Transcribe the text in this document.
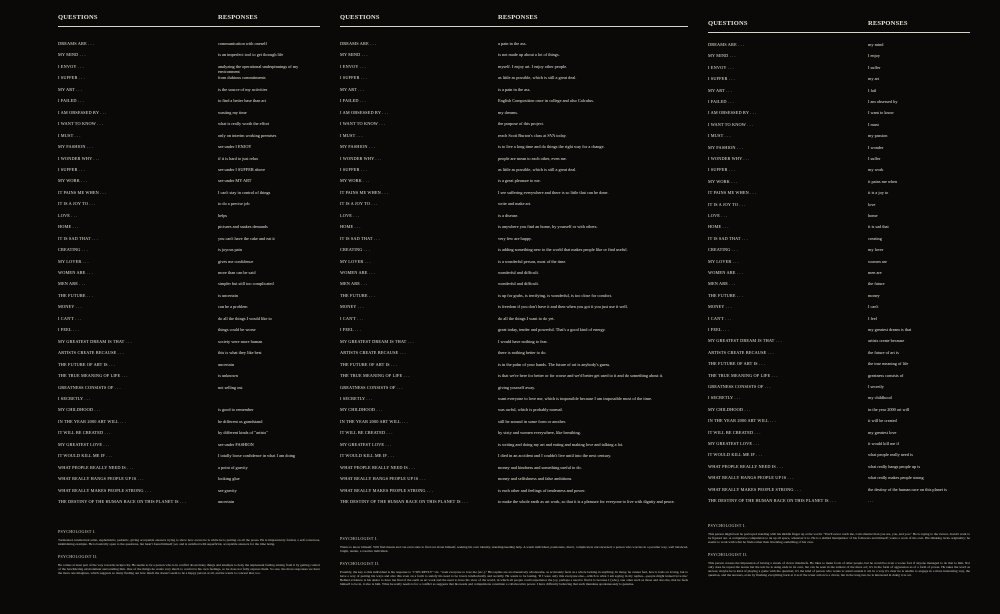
QUESTIONS	RESPONSES
DREAMS ARE . . .	communication with oneself
MY MIND . . .	is an imperfect tool to get through life
I ENVOY . . .	analyzing the operational underpinnings of my environment
I SUFFER . . .	from dubious commitments
MY ART . . .	is the source of my activities
I FAILED . . .	to find a better base than art
I AM OBSESSED BY . . .	wasting my time
I WANT TO KNOW . . .	what is really worth the effort
I MUST . . .	only on interim working premises
MY FASHION . . .	see under I ENJOY
I WONDER WHY . . .	if it is hard to just relax
I SUFFER . . .	see under I SUFFER above
MY WORK . . .	see under MY ART
IT PAINS ME WHEN . . .	I can't stay in control of things
IT IS A JOY TO . . .	to do a precise job
LOVE . . .	helps
HOME . . .	pictures and snakes demands
IT IS SAD THAT . . .	you can't have the cake and eat it
CREATING . . .	is joyous pain
MY LOVER . . .	gives me confidence
WOMEN ARE . . .	more than can be said
MEN ARE . . .	simpler but still too complicated
THE FUTURE . . .	is uncertain
MONEY . . .	can be a problem
I CAN'T . . .	do all the things I would like to
I FEEL . . .	things could be worse
MY GREATEST DREAM IS THAT . . .	society were more human
ARTISTS CREATE BECAUSE . . .	this is what they like best
THE FUTURE OF ART IS . . .	uncertain
THE TRUE MEANING OF LIFE . . .	is unknown
GREATNESS CONSISTS OF . . .	not selling out
I SECRETLY . . .
MY CHILDHOOD . . .	is good to remember
IN THE YEAR 2000 ART WILL . . .	be different as grandstand
IT WILL BE CREATED . . .	by different kinds of "artists"
MY GREATEST LOVE . . .	see under FASHION
IT WOULD KILL ME IF . . .	I totally loose confidence in what I am doing
WHAT PEOPLE REALLY NEED IS . . .	a point of gravity
WHAT REALLY HANGS PEOPLE UP IS . . .	looking glue
WHAT REALLY MAKES PEOPLE STRONG . . .	see gravity
THE DESTINY OF THE HUMAN RACE ON THIS PLANET IS . . .	uncertain
PSYCHOLOGIST I.
Tormented, intellectual artist, euphemistic, pedantic, giving acceptable answers trying to show how aware he is while he is putting on all the poses. He is impressively formal, a self-conscious, intimidating example. He is basically open to the questions, but hasn't found himself yet, and is satisfied with superficial, acceptable answers for the time being.
PSYCHOLOGIST II.
He comes at least part of the way towards reciprocity. He seems to be a person who is in conflict about many things and attempts to deny the unpleasant feeling arising from it by getting control of the bewildering environment surrounding him. One of the things he wants very much to control is his own feelings, so he does not fully express them. So one, the more responses we have the more one imagines, which suggests so many finding out how much the doesn't seem to be a happy person at all, and he wants to conceal that, too.
QUESTIONS	RESPONSES
DREAMS ARE . . .	a pain in the ass.
MY MIND . . .	is not made up about a lot of things.
I ENVOY . . .	myself. I enjoy art. I enjoy other people.
I SUFFER . . .	as little as possible, which is still a great deal.
MY ART . . .	is a pain in the ass.
I FAILED . . .	English Composition once in college and also Calculus.
I AM OBSESSED BY . . .	my dreams.
I WANT TO KNOW . . .	the purpose of this project.
I MUST . . .	reach Scott Burton's class at SVA today.
MY FASHION . . .	is to live a long time and do things the right way for a change.
I WONDER WHY . . .	people are mean to each other, even me.
I SUFFER . . .	as little as possible, which is still a great deal.
MY WORK . . .	is a great pleasure to me.
IT PAINS ME WHEN . . .	I see suffering everywhere and there is so little that can be done.
IT IS A JOY TO . . .	write and make art.
LOVE . . .	is a disease.
HOME . . .	is anywhere you find an home, by yourself or with others.
IT IS SAD THAT . . .	very few are happy.
CREATING . . .	is adding something new to the world that makes people like or find useful.
MY LOVER . . .	is a wonderful person, most of the time.
WOMEN ARE . . .	wonderful and difficult.
MEN ARE . . .	wonderful and difficult.
THE FUTURE . . .	is up for grabs, is terrifying, is wonderful, is too close for comfort.
MONEY . . .	is freedom if you don't have it and then when you got it you just use it well.
I CAN'T . . .	do all the things I want to do yet.
I FEEL . . .	great today, tender and powerful. That's a good kind of energy.
MY GREATEST DREAM IS THAT . . .	I would have nothing to fear.
ARTISTS CREATE BECAUSE . . .	there is nothing better to do.
THE FUTURE OF ART IS . . .	is in the palm of your hands. The future of art is anybody's guess.
THE TRUE MEANING OF LIFE . . .	is that we're here for better or for worse and we'd better get used to it and do something about it.
GREATNESS CONSISTS OF . . .	giving yourself away.
I SECRETLY . . .	want everyone to love me, which is impossible because I am impossible most of the time.
MY CHILDHOOD . . .	was awful, which is probably normal.
IN THE YEAR 2000 ART WILL . . .	still be around in some form or another.
IT WILL BE CREATED . . .	by sixty and women everywhere, like breathing.
MY GREATEST LOVE . . .	is writing and doing my art and eating and making love and talking a lot.
IT WOULD KILL ME IF . . .	I died in an accident and I couldn't live until into the next century.
WHAT PEOPLE REALLY NEED IS . . .	money and kindness and something useful to do.
WHAT REALLY HANGS PEOPLE UP IS . . .	money and selfishness and false ambitions.
WHAT REALLY MAKES PEOPLE STRONG . . .	is each other and feelings of tenderness and power.
THE DESTINY OF THE HUMAN RACE ON THIS PLANET IS . . .	to make the whole earth as art work, so that it is a pleasure for everyone to live with dignity and peace.
PSYCHOLOGIST I.
Wants to know himself. Will find means and can even state to find out about himself, seeking his own identity, standing/needing help. A warm individual, passionate, direct, complicated, unconcerned; a person who worries in a peculiar way, well balanced, bright, tender, a creative individual.
PSYCHOLOGIST II.
Possibly, the key to this individual is his response to "I SECRETLY" viz. "want everyone to love me (etc.)." His replies are an obsessively wholesome, as accurately feels as a whole lacking in anything. In many, he cannot feel, how it feels on loving, but to have a way of putting his ways and also this even on a form to satisfy his need to be loved, intellectually and socially. He wants to be lasting. 'If I were only this everyone else—which is what I am saying in my replies—people might indeed love me.' Behind evidence is his desire to have me find of the earth as art work and the need to have his view of the world, in which all people could experience the joy, perhaps a need to find it is because I (who), one other such as those and also the, that he feels himself to be in, it also is him. What he really needs is for a conflict as suggests that his needs and compulsions constitute a collaborative power. I have difficulty believing that such mundane spontaneously is genuine.
QUESTIONS	RESPONSES
DREAMS ARE . . .	my mind
MY MIND . . .	I enjoy
I ENVOY . . .	I suffer
I SUFFER . . .	my art
MY ART . . .	I fail
I FAILED . . .	I am obsessed by
I AM OBSESSED BY . . .	I want to know
I WANT TO KNOW . . .	I must
I MUST . . .	my passion
MY FASHION . . .	I wonder
I WONDER WHY . . .	I suffer
I SUFFER . . .	my work
MY WORK . . .	it pains me when
IT PAINS ME WHEN . . .	it is a joy to
IT IS A JOY TO . . .	love
LOVE . . .	home
HOME . . .	it is sad that
IT IS SAD THAT . . .	creating
CREATING . . .	my lover
MY LOVER . . .	women are
WOMEN ARE . . .	men are
MEN ARE . . .	the future
THE FUTURE . . .	money
MONEY . . .	I can't
I CAN'T . . .	I feel
I FEEL . . .	my greatest dream is that
MY GREATEST DREAM IS THAT . . .	artists create because
ARTISTS CREATE BECAUSE . . .	the future of art is
THE FUTURE OF ART IS . . .	the true meaning of life
THE TRUE MEANING OF LIFE . . .	greatness consists of
GREATNESS CONSISTS OF . . .	I secretly
I SECRETLY . . .	my childhood
MY CHILDHOOD . . .	in the year 2000 art will
IN THE YEAR 2000 ART WILL . . .	it will be created
IT WILL BE CREATED . . .	my greatest love
MY GREATEST LOVE . . .	it would kill me if
IT WOULD KILL ME IF . . .	what people really need is
WHAT PEOPLE REALLY NEED IS . . .	what really hangs people up is
WHAT REALLY HANGS PEOPLE UP IS . . .	what really makes people strong
WHAT REALLY MAKES PEOPLE STRONG . . .	the destiny of the human race on this planet is
THE DESTINY OF THE HUMAN RACE ON THIS PLANET IS . . .	. . .
PSYCHOLOGIST I.
This person might best be portrayed standing with his middle finger up at the world. "You'll never catch me, I am smarter than you are, you, and you." He is saying to the viewer, doesn't want to be figured out. A compulsive compulsion to tie up all space, whatever it is. He is a skilled manipulator of his followers and himself; wants a work of his own. His thinking lacks originality; he seems to work with what he finds rather than inventing something of his own.
PSYCHOLOGIST II.
This person creates the impression of having a streak of clever mischiefs. He likes to make fools of other people, but he would be even a worse fool if anyone managed to do that to him. Not only does he repeat the nouns but the text he is using ends in its own, but can be seen in the subtext of the mere act; it's in the form of aggression as of a form of power. He takes the word as answer, maybe he is kind of playing a game with the question; it's the kind of person who wants to stand outside it all, in a way it's clear he is unable to engage in a more interesting way, the question, and the answers, even by flushing everything back at it as if the wiser action is a clever, but in the long run, he is interested in doing it as art.
